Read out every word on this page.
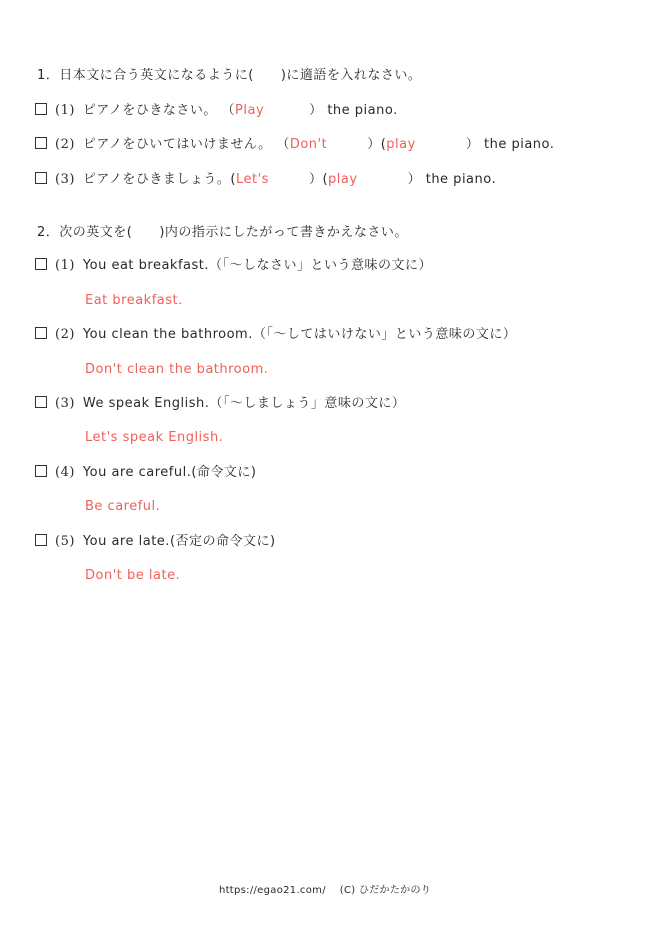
1．日本文に合う英文になるように(　　)に適語を入れなさい。
(1) ピアノをひきなさい。 （Play	） the piano.
(2) ピアノをひいてはいけません。 （Don't	）(play	） the piano.
(3) ピアノをひきましょう。(Let's	）(play	） the piano.
2．次の英文を(　　)内の指示にしたがって書きかえなさい。
(1) You eat breakfast.（「～しなさい」という意味の文に）
Eat breakfast.
(2) You clean the bathroom.（「～してはいけない」という意味の文に）
Don't clean the bathroom.
(3) We speak English.（「～しましょう」意味の文に）
Let's speak English.
(4) You are careful.(命令文に)
Be careful.
(5) You are late.(否定の命令文に)
Don't be late.
https://egao21.com/ (C) ひだかたかのり
